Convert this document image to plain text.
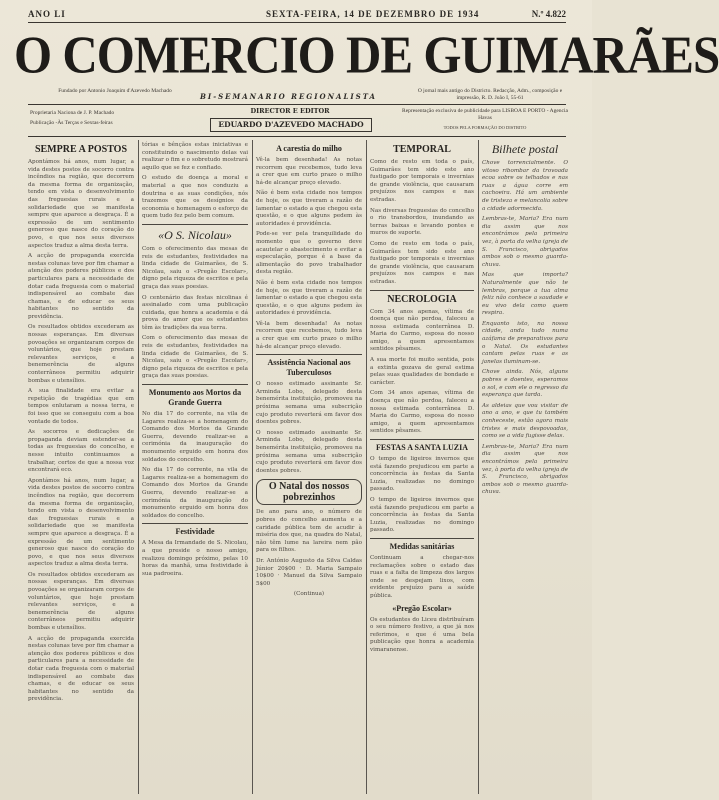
ANO LI	SEXTA-FEIRA, 14 DE DEZEMBRO DE 1934	N.º 4.822
O COMERCIO DE GUIMARÃES
Fundado por Antonio Joaquim d'Azevedo Machado
BI-SEMANARIO REGIONALISTA
O jornal mais antigo do Districto. Redacção, Adm., composição e impressão, R. D. João I, 55-61
Proprietaria Naciona de J. P. Machado
Publicação -Às Terças e Sextas-feiras
DIRECTOR E EDITOR
EDUARDO D'AZEVEDO MACHADO
Representação exclusiva de publicidade para LISBOA E PORTO - Agencia Havas
TODOS PELA FORMAÇÃO DO DISTRITO
SEMPRE A POSTOS
Apontámos há anos, num lugar, a vida destes postos de socorro contra incêndios na região, que decorrem da mesma forma de organização, tendo em vista o desenvolvimento das freguesias rurais e a solidariedade que se manifesta sempre que aparece a desgraça. É a expressão de um sentimento generoso que nasce do coração do povo, e que nos seus diversos aspectos traduz a alma desta terra.
A acção de propaganda exercida nestas colunas teve por fim chamar a atenção dos poderes públicos e dos particulares para a necessidade de dotar cada freguesia com o material indispensável ao combate das chamas, e de educar os seus habitantes no sentido da previdência.
Os resultados obtidos excederam as nossas esperanças. Em diversas povoações se organizaram corpos de voluntários, que hoje prestam relevantes serviços, e a benemerência de alguns conterrâneos permitiu adquirir bombas e utensílios.
A sua finalidade era evitar a repetição de tragédias que em tempos enlutaram a nossa terra, e foi isso que se conseguiu com a boa vontade de todos.
As socorros e dedicações de propaganda deviam estender-se a todas as freguesias do concelho, e nesse intuito continuamos a trabalhar, certos de que a nossa voz encontrará eco.
Apontámos há anos, num lugar, a vida destes postos de socorro contra incêndios na região, que decorrem da mesma forma de organização, tendo em vista o desenvolvimento das freguesias rurais e a solidariedade que se manifesta sempre que aparece a desgraça. É a expressão de um sentimento generoso que nasce do coração do povo, e que nos seus diversos aspectos traduz a alma desta terra.
Os resultados obtidos excederam as nossas esperanças. Em diversas povoações se organizaram corpos de voluntários, que hoje prestam relevantes serviços, e a benemerência de alguns conterrâneos permitiu adquirir bombas e utensílios.
A acção de propaganda exercida nestas colunas teve por fim chamar a atenção dos poderes públicos e dos particulares para a necessidade de dotar cada freguesia com o material indispensável ao combate das chamas, e de educar os seus habitantes no sentido da previdência.
tórias e bênçãos estas iniciativas e constituindo o nascimento delas vai realizar o fim e o sobretudo mostrará aquilo que se fez e confiado.
O estudo de doença a moral e material a que nos conduziu a doutrina e as suas condições, nós trazemos que os desígnios da economia e homenagem o esforço de quem tudo fez pelo bem comum.
«O S. Nicolau»
Com o oferecimento das mesas de reis de estudantes, festividades na linda cidade de Guimarães, de S. Nicolau, saiu o «Pregão Escolar», digno pela riqueza de escritos e pela graça das suas poesias.
O centenário das festas nicolinas é assinalado com uma publicação cuidada, que honra a academia e dá prova do amor que os estudantes têm às tradições da sua terra.
Com o oferecimento das mesas de reis de estudantes, festividades na linda cidade de Guimarães, de S. Nicolau, saiu o «Pregão Escolar», digno pela riqueza de escritos e pela graça das suas poesias.
Monumento aos Mortos da Grande Guerra
No dia 17 do corrente, na vila de Lagares realiza-se a homenagem do Comando dos Mortos da Grande Guerra, devendo realizar-se a cerimónia da inauguração do monumento erguido em honra dos soldados do concelho.
No dia 17 do corrente, na vila de Lagares realiza-se a homenagem do Comando dos Mortos da Grande Guerra, devendo realizar-se a cerimónia da inauguração do monumento erguido em honra dos soldados do concelho.
Festividade
A Mesa da Irmandade de S. Nicolau, a que preside o nosso amigo, realizou domingo próximo, pelas 10 horas da manhã, uma festividade à sua padroeira.
A carestia do milho
Vê-la bem desenhada! As notas recorrem que recebemos, tudo leva a crer que em curto prazo o milho há-de alcançar preço elevado.
Não é bem esta cidade nos tempos de hoje, os que tiveram a razão de lamentar o estado a que chegou esta questão, e o que alguns pedem às autoridades é providência.
Pode-se ver pela tranquilidade do momento que o governo deve acautelar o abastecimento e evitar a especulação, porque é a base da alimentação do povo trabalhador desta região.
Não é bem esta cidade nos tempos de hoje, os que tiveram a razão de lamentar o estado a que chegou esta questão, e o que alguns pedem às autoridades é providência.
Vê-la bem desenhada! As notas recorrem que recebemos, tudo leva a crer que em curto prazo o milho há-de alcançar preço elevado.
Assistência Nacional aos Tuberculosos
O nosso estimado assinante Sr. Arminda Lobo, delegado desta benemérita instituição, promoveu na próxima semana uma subscrição cujo produto reverterá em favor dos doentes pobres.
O nosso estimado assinante Sr. Arminda Lobo, delegado desta benemérita instituição, promoveu na próxima semana uma subscrição cujo produto reverterá em favor dos doentes pobres.
O Natal dos nossos pobrezinhos
De ano para ano, o número de pobres do concelho aumenta e a caridade pública tem de acudir à miséria dos que, na quadra do Natal, não têm lume na lareira nem pão para os filhos.
Dr. António Augusto da Silva Caldas Júnior 20$00 · D. Maria Sampaio 10$00 · Manuel da Silva Sampaio 5$00
(Continua)
TEMPORAL
Como de resto em toda o país, Guimarães tem sido este ano fustigado por temporais e invernias de grande violência, que causaram prejuízos nos campos e nas estradas.
Nas diversas freguesias do concelho o rio transbordou, inundando as terras baixas e levando pontes e muros de suporte.
Como de resto em toda o país, Guimarães tem sido este ano fustigado por temporais e invernias de grande violência, que causaram prejuízos nos campos e nas estradas.
NECROLOGIA
Com 34 anos apenas, vítima de doença que não perdoa, faleceu a nossa estimada conterrânea D. Maria do Carmo, esposa do nosso amigo, a quem apresentamos sentidos pêsames.
A sua morte foi muito sentida, pois a extinta gozava de geral estima pelas suas qualidades de bondade e carácter.
Com 34 anos apenas, vítima de doença que não perdoa, faleceu a nossa estimada conterrânea D. Maria do Carmo, esposa do nosso amigo, a quem apresentamos sentidos pêsames.
FESTAS A SANTA LUZIA
O tempo de ligeiros invernos que está fazendo prejudicou em parte a concorrência às festas da Santa Luzia, realizadas no domingo passado.
O tempo de ligeiros invernos que está fazendo prejudicou em parte a concorrência às festas da Santa Luzia, realizadas no domingo passado.
Medidas sanitárias
Continuam a chegar-nos reclamações sobre o estado das ruas e a falta de limpeza dos largos onde se despejam lixos, com evidente prejuízo para a saúde pública.
«Pregão Escolar»
Os estudantes do Liceu distribuíram o seu número festivo, a que já nos referimos, e que é uma bela publicação que honra a academia vimaranense.
Bilhete postal
Chove torrencialmente. O vitoso ribombar da trovoada ecoa sobre os telhados e nas ruas a água corre em cachoeira. Há um ambiente de tristeza e melancolia sobre a cidade adormecida.
Lembras-te, Maria? Era num dia assim que nos encontrámos pela primeira vez, à porta da velha igreja de S. Francisco, abrigados ambos sob o mesmo guarda-chuva.
Mas que importa? Naturalmente que não te lembras, porque a tua alma feliz não conhece a saudade e eu vivo dela como quem respira.
Enquanto isto, na nossa cidade, anda tudo numa azáfama de preparativos para o Natal. Os estudantes cantam pelas ruas e as janelas iluminam-se.
Chove ainda. Nós, alguns pobres e doentes, esperamos o sol, e com ele o regresso da esperança que tarda.
As aldeias que vou visitar de ano a ano, e que tu também conheceste, estão agora mais tristes e mais despovoadas, como se a vida fugisse delas.
Lembras-te, Maria? Era num dia assim que nos encontrámos pela primeira vez, à porta da velha igreja de S. Francisco, abrigados ambos sob o mesmo guarda-chuva.
